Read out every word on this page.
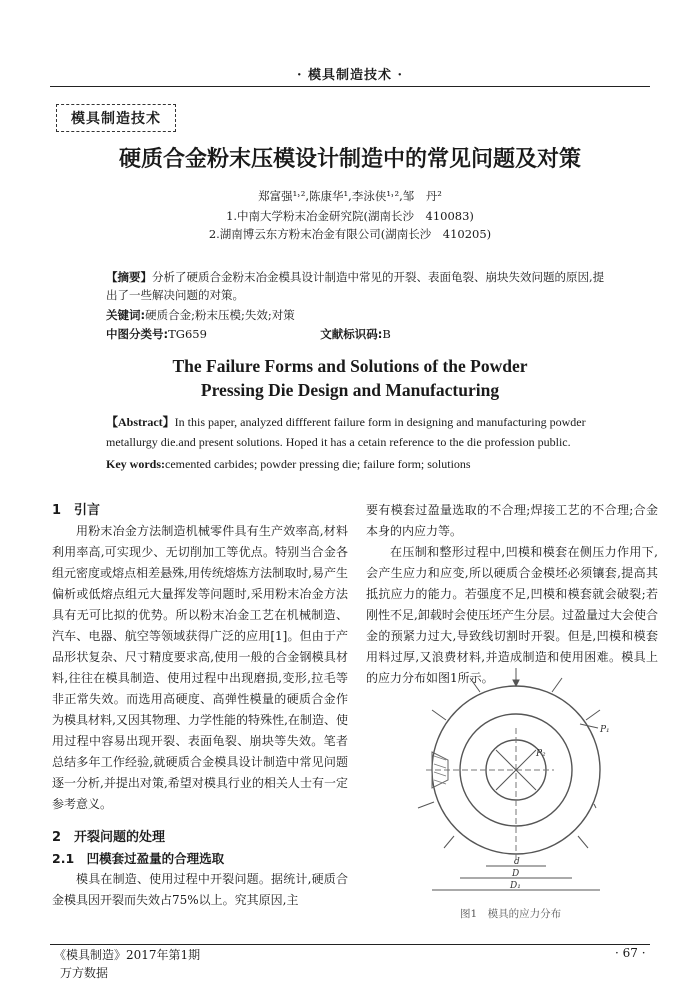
· 模具制造技术 ·
模具制造技术
硬质合金粉末压模设计制造中的常见问题及对策
郑富强¹˒²,陈康华¹,李泳侠¹˒²,邹　丹²
1.中南大学粉末冶金研究院(湖南长沙　410083)
2.湖南博云东方粉末冶金有限公司(湖南长沙　410205)
【摘要】分析了硬质合金粉末冶金模具设计制造中常见的开裂、表面龟裂、崩块失效问题的原因,提出了一些解决问题的对策。
关键词:硬质合金;粉末压模;失效;对策
中图分类号:TG659	文献标识码:B
The Failure Forms and Solutions of the Powder
Pressing Die Design and Manufacturing
【Abstract】In this paper, analyzed diffferent failure form in designing and manufacturing powder metallurgy die.and present solutions. Hoped it has a cetain reference to the die profession public.
Key words:cemented carbides; powder pressing die; failure form; solutions
1　引言

用粉末冶金方法制造机械零件具有生产效率高,材料利用率高,可实现少、无切削加工等优点。特别当合金各组元密度或熔点相差悬殊,用传统熔炼方法制取时,易产生偏析或低熔点组元大量挥发等问题时,采用粉末冶金方法具有无可比拟的优势。所以粉末冶金工艺在机械制造、汽车、电器、航空等领域获得广泛的应用[1]。但由于产品形状复杂、尺寸精度要求高,使用一般的合金钢模具材料,往往在模具制造、使用过程中出现磨损,变形,拉毛等非正常失效。而选用高硬度、高弹性模量的硬质合金作为模具材料,又因其物理、力学性能的特殊性,在制造、使用过程中容易出现开裂、表面龟裂、崩块等失效。笔者总结多年工作经验,就硬质合金模具设计制造中常见问题逐一分析,并提出对策,希望对模具行业的相关人士有一定参考意义。

2　开裂问题的处理
2.1　凹模套过盈量的合理选取

模具在制造、使用过程中开裂问题。据统计,硬质合金模具因开裂而失效占75%以上。究其原因,主

要有模套过盈量选取的不合理;焊接工艺的不合理;合金本身的内应力等。

在压制和整形过程中,凹模和模套在侧压力作用下,会产生应力和应变,所以硬质合金模坯必须镶套,提高其抵抗应力的能力。若强度不足,凹模和模套就会破裂;若刚性不足,卸载时会使压坯产生分层。过盈量过大会使合金的预紧力过大,导致线切割时开裂。但是,凹模和模套用料过厚,又浪费材料,并造成制造和使用困难。模具上的应力分布如图1所示。

P₁
P₂
d
D
D₁
图1　模具的应力分布
《模具制造》2017年第1期	· 67 ·
万方数据
